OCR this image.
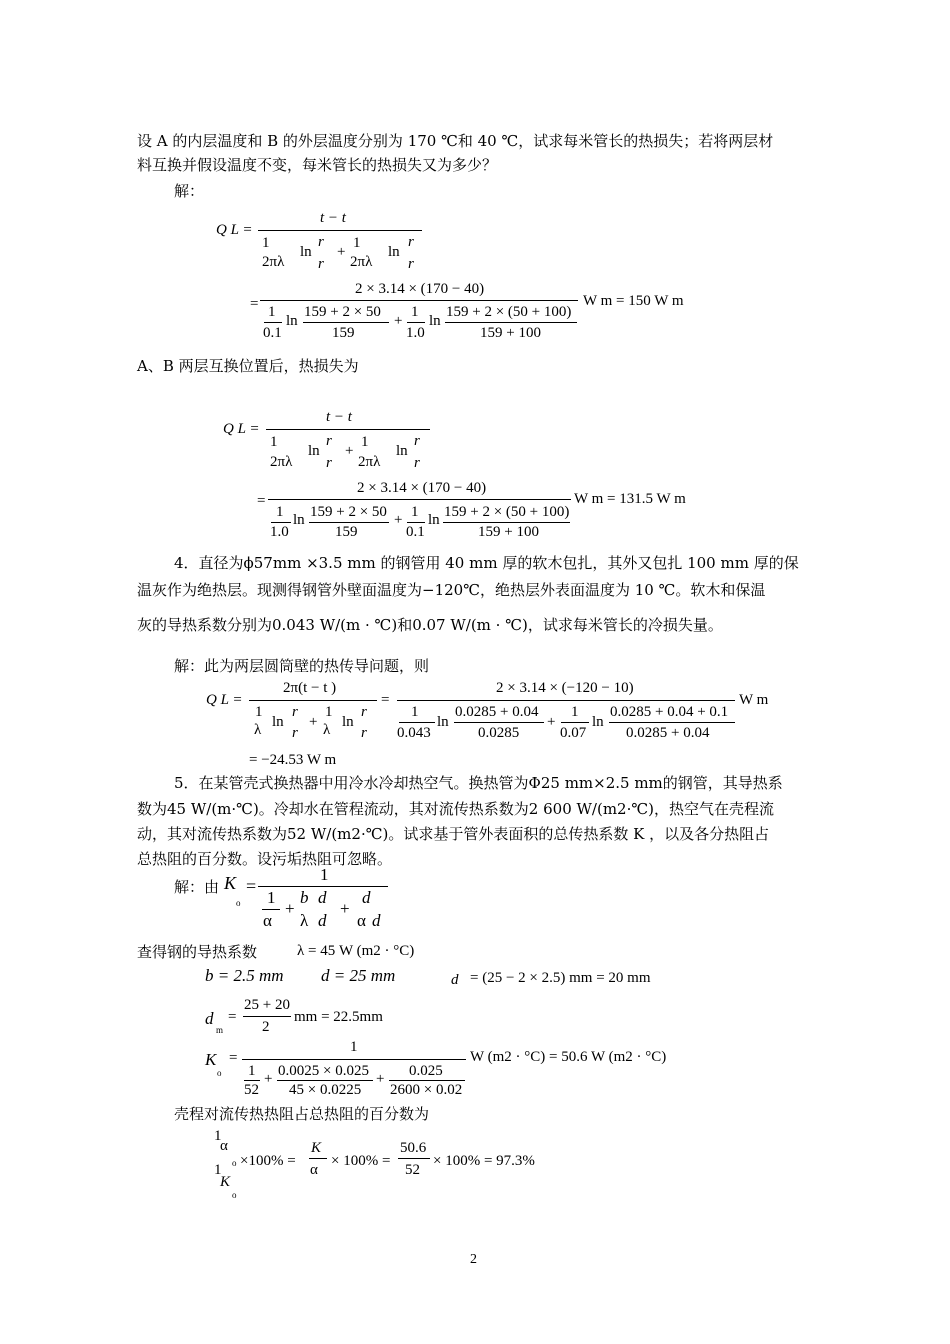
设 A 的内层温度和 B 的外层温度分别为 170 ℃和 40 ℃，试求每米管长的热损失；若将两层材
料互换并假设温度不变，每米管长的热损失又为多少？
解：
Q L =
t − t
1
2πλ
ln
r
r
+
1
2πλ
ln
r
r
=
2 × 3.14 × (170 − 40)
1
0.1
ln
159 + 2 × 50
159
+
1
1.0
ln
159 + 2 × (50 + 100)
159 + 100
W m = 150 W m
A、B 两层互换位置后，热损失为
Q L =
t − t
1
2πλ
ln
r
r
+
1
2πλ
ln
r
r
=
2 × 3.14 × (170 − 40)
1
1.0
ln 159 + 2 × 50
159
+ 1
0.1
ln 159 + 2 × (50 + 100)
159 + 100
W m = 131.5 W m
4．直径为ϕ57mm ×3.5 mm 的钢管用 40 mm 厚的软木包扎，其外又包扎 100 mm 厚的保
温灰作为绝热层。现测得钢管外壁面温度为−120℃，绝热层外表面温度为 10 ℃。软木和保温
灰的导热系数分别为0.043 W/(m · ℃)和0.07 W/(m · ℃)，试求每米管长的冷损失量。
解：此为两层圆筒壁的热传导问题，则
Q L =
2π(t − t )
1
λ ln
r
r
+
1
λ ln
r
r
=
2 × 3.14 × (−120 − 10)
1
0.043
ln
0.0285 + 0.04
0.0285
+
1
0.07
ln
0.0285 + 0.04 + 0.1
0.0285 + 0.04
W m
= −24.53 W m
5．在某管壳式换热器中用冷水冷却热空气。换热管为Φ25 mm×2.5 mm的钢管，其导热系
数为45 W/(m·℃)。冷却水在管程流动，其对流传热系数为2 600 W/(m2·℃)，热空气在壳程流
动，其对流传热系数为52 W/(m2·℃)。试求基于管外表面积的总传热系数 K ，以及各分热阻占
总热阻的百分数。设污垢热阻可忽略。
解：由 K
o
=
1
1
α
+
b
λ
d
d
+
d
α d
查得钢的导热系数	λ = 45 W (m2 · °C)
b = 2.5 mm d = 25 mm	d = (25 − 2 × 2.5) mm = 20 mm
d
m
=
25 + 20
2
mm = 22.5mm
K
o
=
1
1
52
+ 0.0025 × 0.025
45 × 0.0225
+ 0.025
2600 × 0.02
W (m2 · °C) = 50.6 W (m2 · °C)
壳程对流传热热阻占总热阻的百分数为
1
α
o
1
K
o
×100% =
K
α
× 100% =
50.6
52
× 100% = 97.3%
2
